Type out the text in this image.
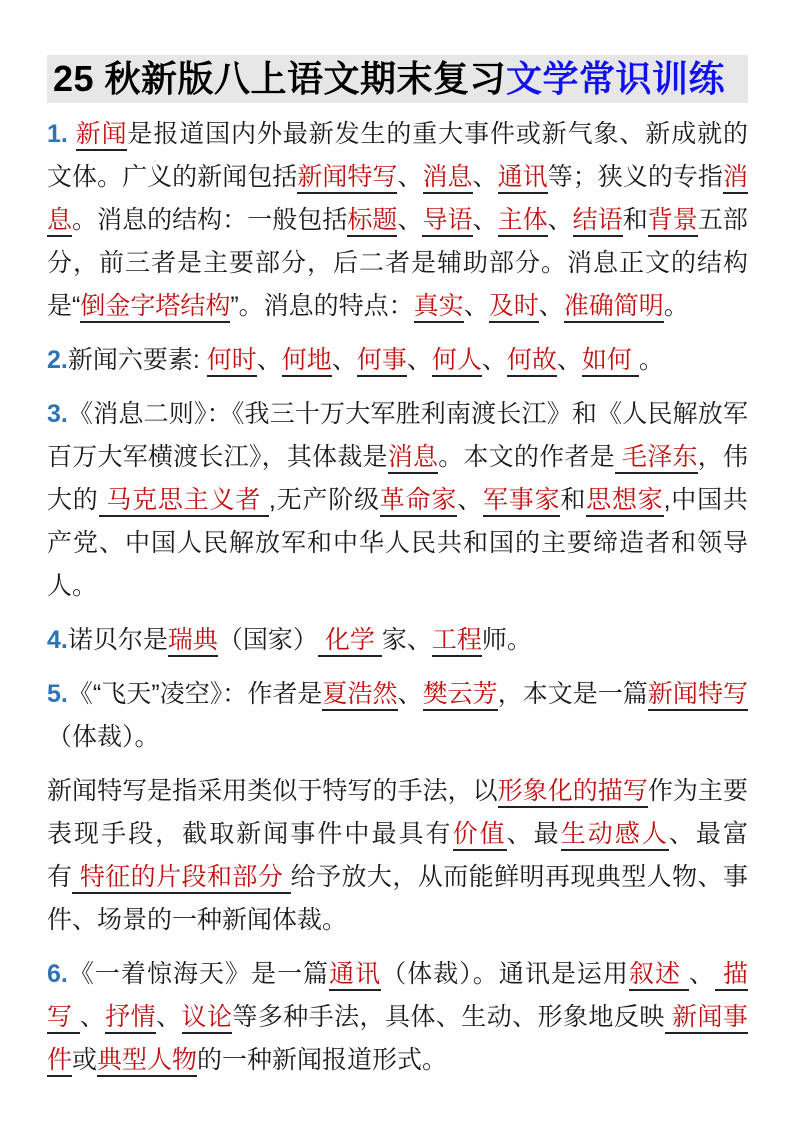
25 秋新版八上语文期末复习文学常识训练

1. 新闻是报道国内外最新发生的重大事件或新气象、新成就的文体。广义的新闻包括新闻特写、消息、通讯等；狭义的专指消息。消息的结构：一般包括标题、导语、主体、结语和背景五部分，前三者是主要部分，后二者是辅助部分。消息正文的结构是“倒金字塔结构”。消息的特点：真实、及时、准确简明。

2.新闻六要素: 何时、何地、何事、何人、何故、如何 。

3.《消息二则》：《我三十万大军胜利南渡长江》和《人民解放军百万大军横渡长江》，其体裁是消息。本文的作者是 毛泽东，伟大的 马克思主义者 ,无产阶级革命家、军事家和思想家,中国共产党、中国人民解放军和中华人民共和国的主要缔造者和领导人。

4.诺贝尔是瑞典（国家） 化学 家、工程师。

5.《“飞天”凌空》：作者是夏浩然、樊云芳，本文是一篇新闻特写（体裁）。

新闻特写是指采用类似于特写的手法，以形象化的描写作为主要表现手段，截取新闻事件中最具有价值、最生动感人、最富有 特征的片段和部分 给予放大，从而能鲜明再现典型人物、事件、场景的一种新闻体裁。

6.《一着惊海天》是一篇通讯（体裁）。通讯是运用叙述 、 描写 、抒情、议论等多种手法，具体、生动、形象地反映 新闻事件或典型人物的一种新闻报道形式。
